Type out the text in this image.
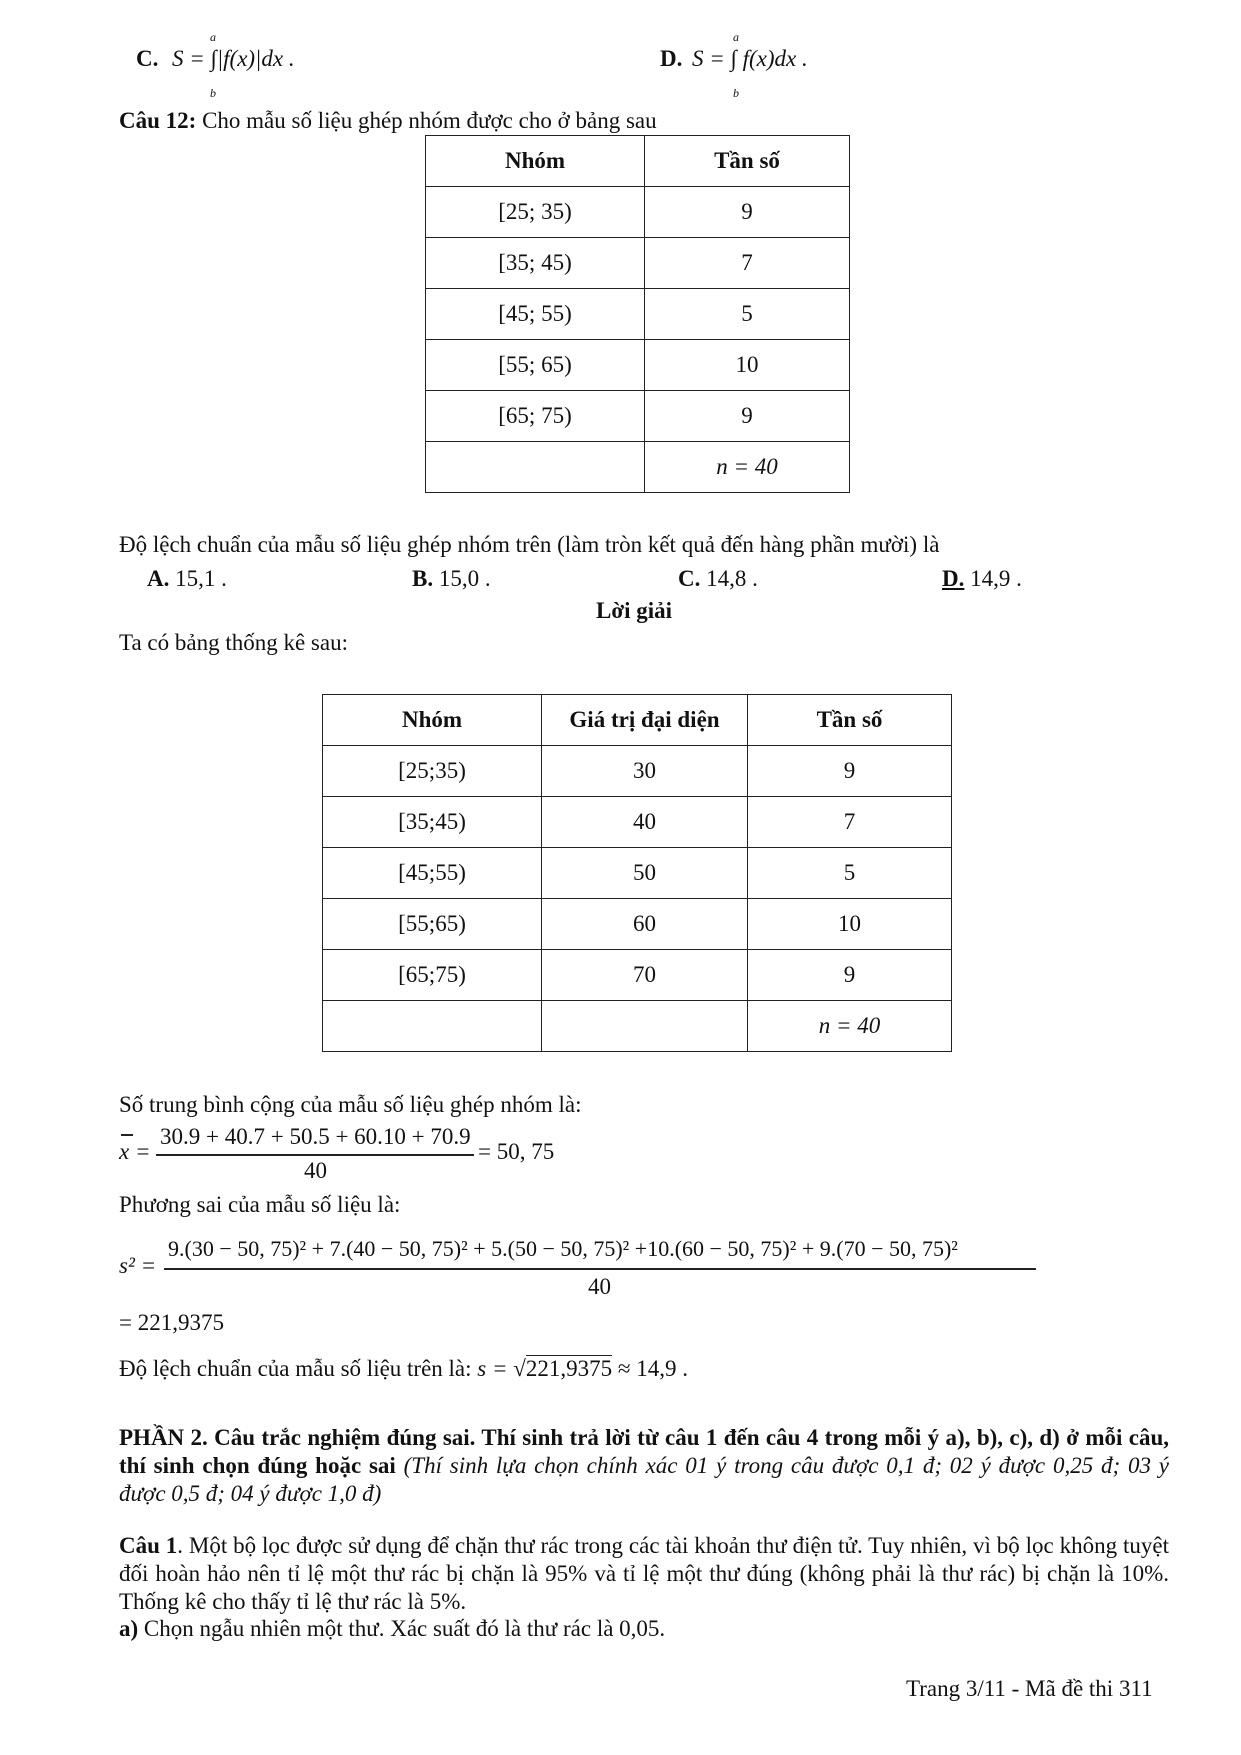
C. S = ∫|f(x)|dx .
a
b
D. S = ∫ f(x)dx .
a
b
Câu 12: Cho mẫu số liệu ghép nhóm được cho ở bảng sau
Nhóm	Tần số
[25; 35)	9
[35; 45)	7
[45; 55)	5
[55; 65)	10
[65; 75)	9
	n = 40
Độ lệch chuẩn của mẫu số liệu ghép nhóm trên (làm tròn kết quả đến hàng phần mười) là
A. 15,1 .	B. 15,0 .	C. 14,8 .	D. 14,9 .
Lời giải
Ta có bảng thống kê sau:
Nhóm	Giá trị đại diện	Tần số
[25;35)	30	9
[35;45)	40	7
[45;55)	50	5
[55;65)	60	10
[65;75)	70	9
		n = 40
Số trung bình cộng của mẫu số liệu ghép nhóm là:
x =
30.9 + 40.7 + 50.5 + 60.10 + 70.9
40
= 50, 75
Phương sai của mẫu số liệu là:
s² =
9.(30 − 50, 75)² + 7.(40 − 50, 75)² + 5.(50 − 50, 75)² +10.(60 − 50, 75)² + 9.(70 − 50, 75)²
40
= 221,9375
Độ lệch chuẩn của mẫu số liệu trên là: s = √221,9375 ≈ 14,9 .
PHẦN 2. Câu trắc nghiệm đúng sai. Thí sinh trả lời từ câu 1 đến câu 4 trong mỗi ý a), b), c), d) ở mỗi câu, thí sinh chọn đúng hoặc sai (Thí sinh lựa chọn chính xác 01 ý trong câu được 0,1 đ; 02 ý được 0,25 đ; 03 ý được 0,5 đ; 04 ý được 1,0 đ)
Câu 1. Một bộ lọc được sử dụng để chặn thư rác trong các tài khoản thư điện tử. Tuy nhiên, vì bộ lọc không tuyệt đối hoàn hảo nên tỉ lệ một thư rác bị chặn là 95% và tỉ lệ một thư đúng (không phải là thư rác) bị chặn là 10%. Thống kê cho thấy tỉ lệ thư rác là 5%.
a) Chọn ngẫu nhiên một thư. Xác suất đó là thư rác là 0,05.
Trang 3/11 - Mã đề thi 311
